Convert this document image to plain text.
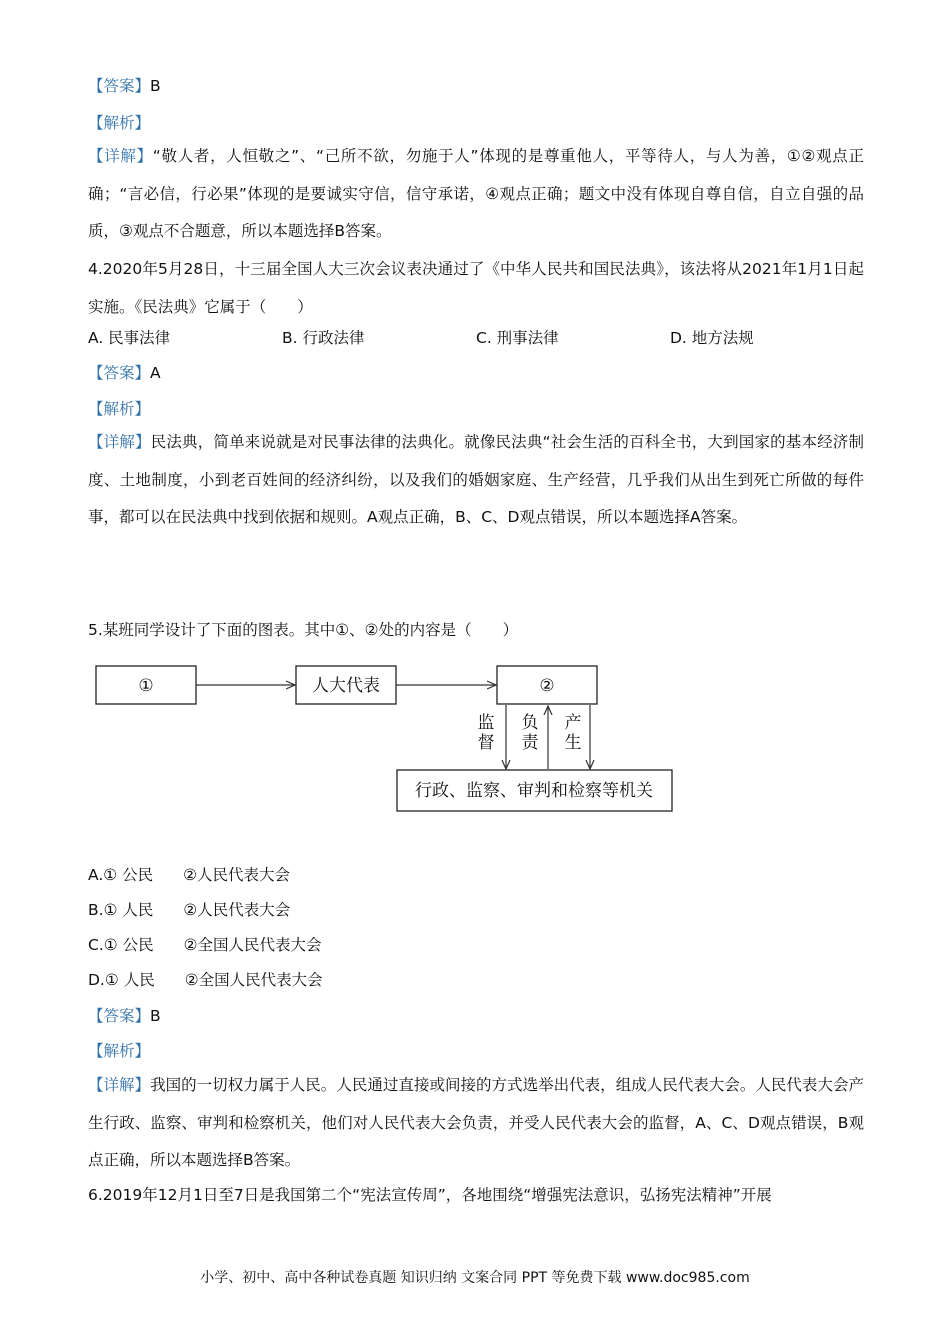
【答案】B
【解析】
【详解】“敬人者，人恒敬之”、“己所不欲，勿施于人”体现的是尊重他人，平等待人，与人为善，①②观点正确；“言必信，行必果”体现的是要诚实守信，信守承诺，④观点正确；题文中没有体现自尊自信，自立自强的品质，③观点不合题意，所以本题选择B答案。
4.2020年5月28日，十三届全国人大三次会议表决通过了《中华人民共和国民法典》，该法将从2021年1月1日起实施。《民法典》它属于（　　）
A. 民事法律	B. 行政法律	C. 刑事法律	D. 地方法规
【答案】A
【解析】
【详解】民法典，简单来说就是对民事法律的法典化。就像民法典“社会生活的百科全书，大到国家的基本经济制度、土地制度，小到老百姓间的经济纠纷，以及我们的婚姻家庭、生产经营，几乎我们从出生到死亡所做的每件事，都可以在民法典中找到依据和规则。A观点正确，B、C、D观点错误，所以本题选择A答案。
5.某班同学设计了下面的图表。其中①、②处的内容是（　　）
①	人大代表	②
行政、监察、审判和检察等机关
监
督
负
责
产
生
A.① 公民 ②人民代表大会
B.① 人民 ②人民代表大会
C.① 公民 ②全国人民代表大会
D.① 人民 ②全国人民代表大会
【答案】B
【解析】
【详解】我国的一切权力属于人民。人民通过直接或间接的方式选举出代表，组成人民代表大会。人民代表大会产生行政、监察、审判和检察机关，他们对人民代表大会负责，并受人民代表大会的监督，A、C、D观点错误，B观点正确，所以本题选择B答案。
6.2019年12月1日至7日是我国第二个“宪法宣传周”，各地围绕“增强宪法意识，弘扬宪法精神”开展
小学、初中、高中各种试卷真题 知识归纳 文案合同 PPT 等免费下载 www.doc985.com
